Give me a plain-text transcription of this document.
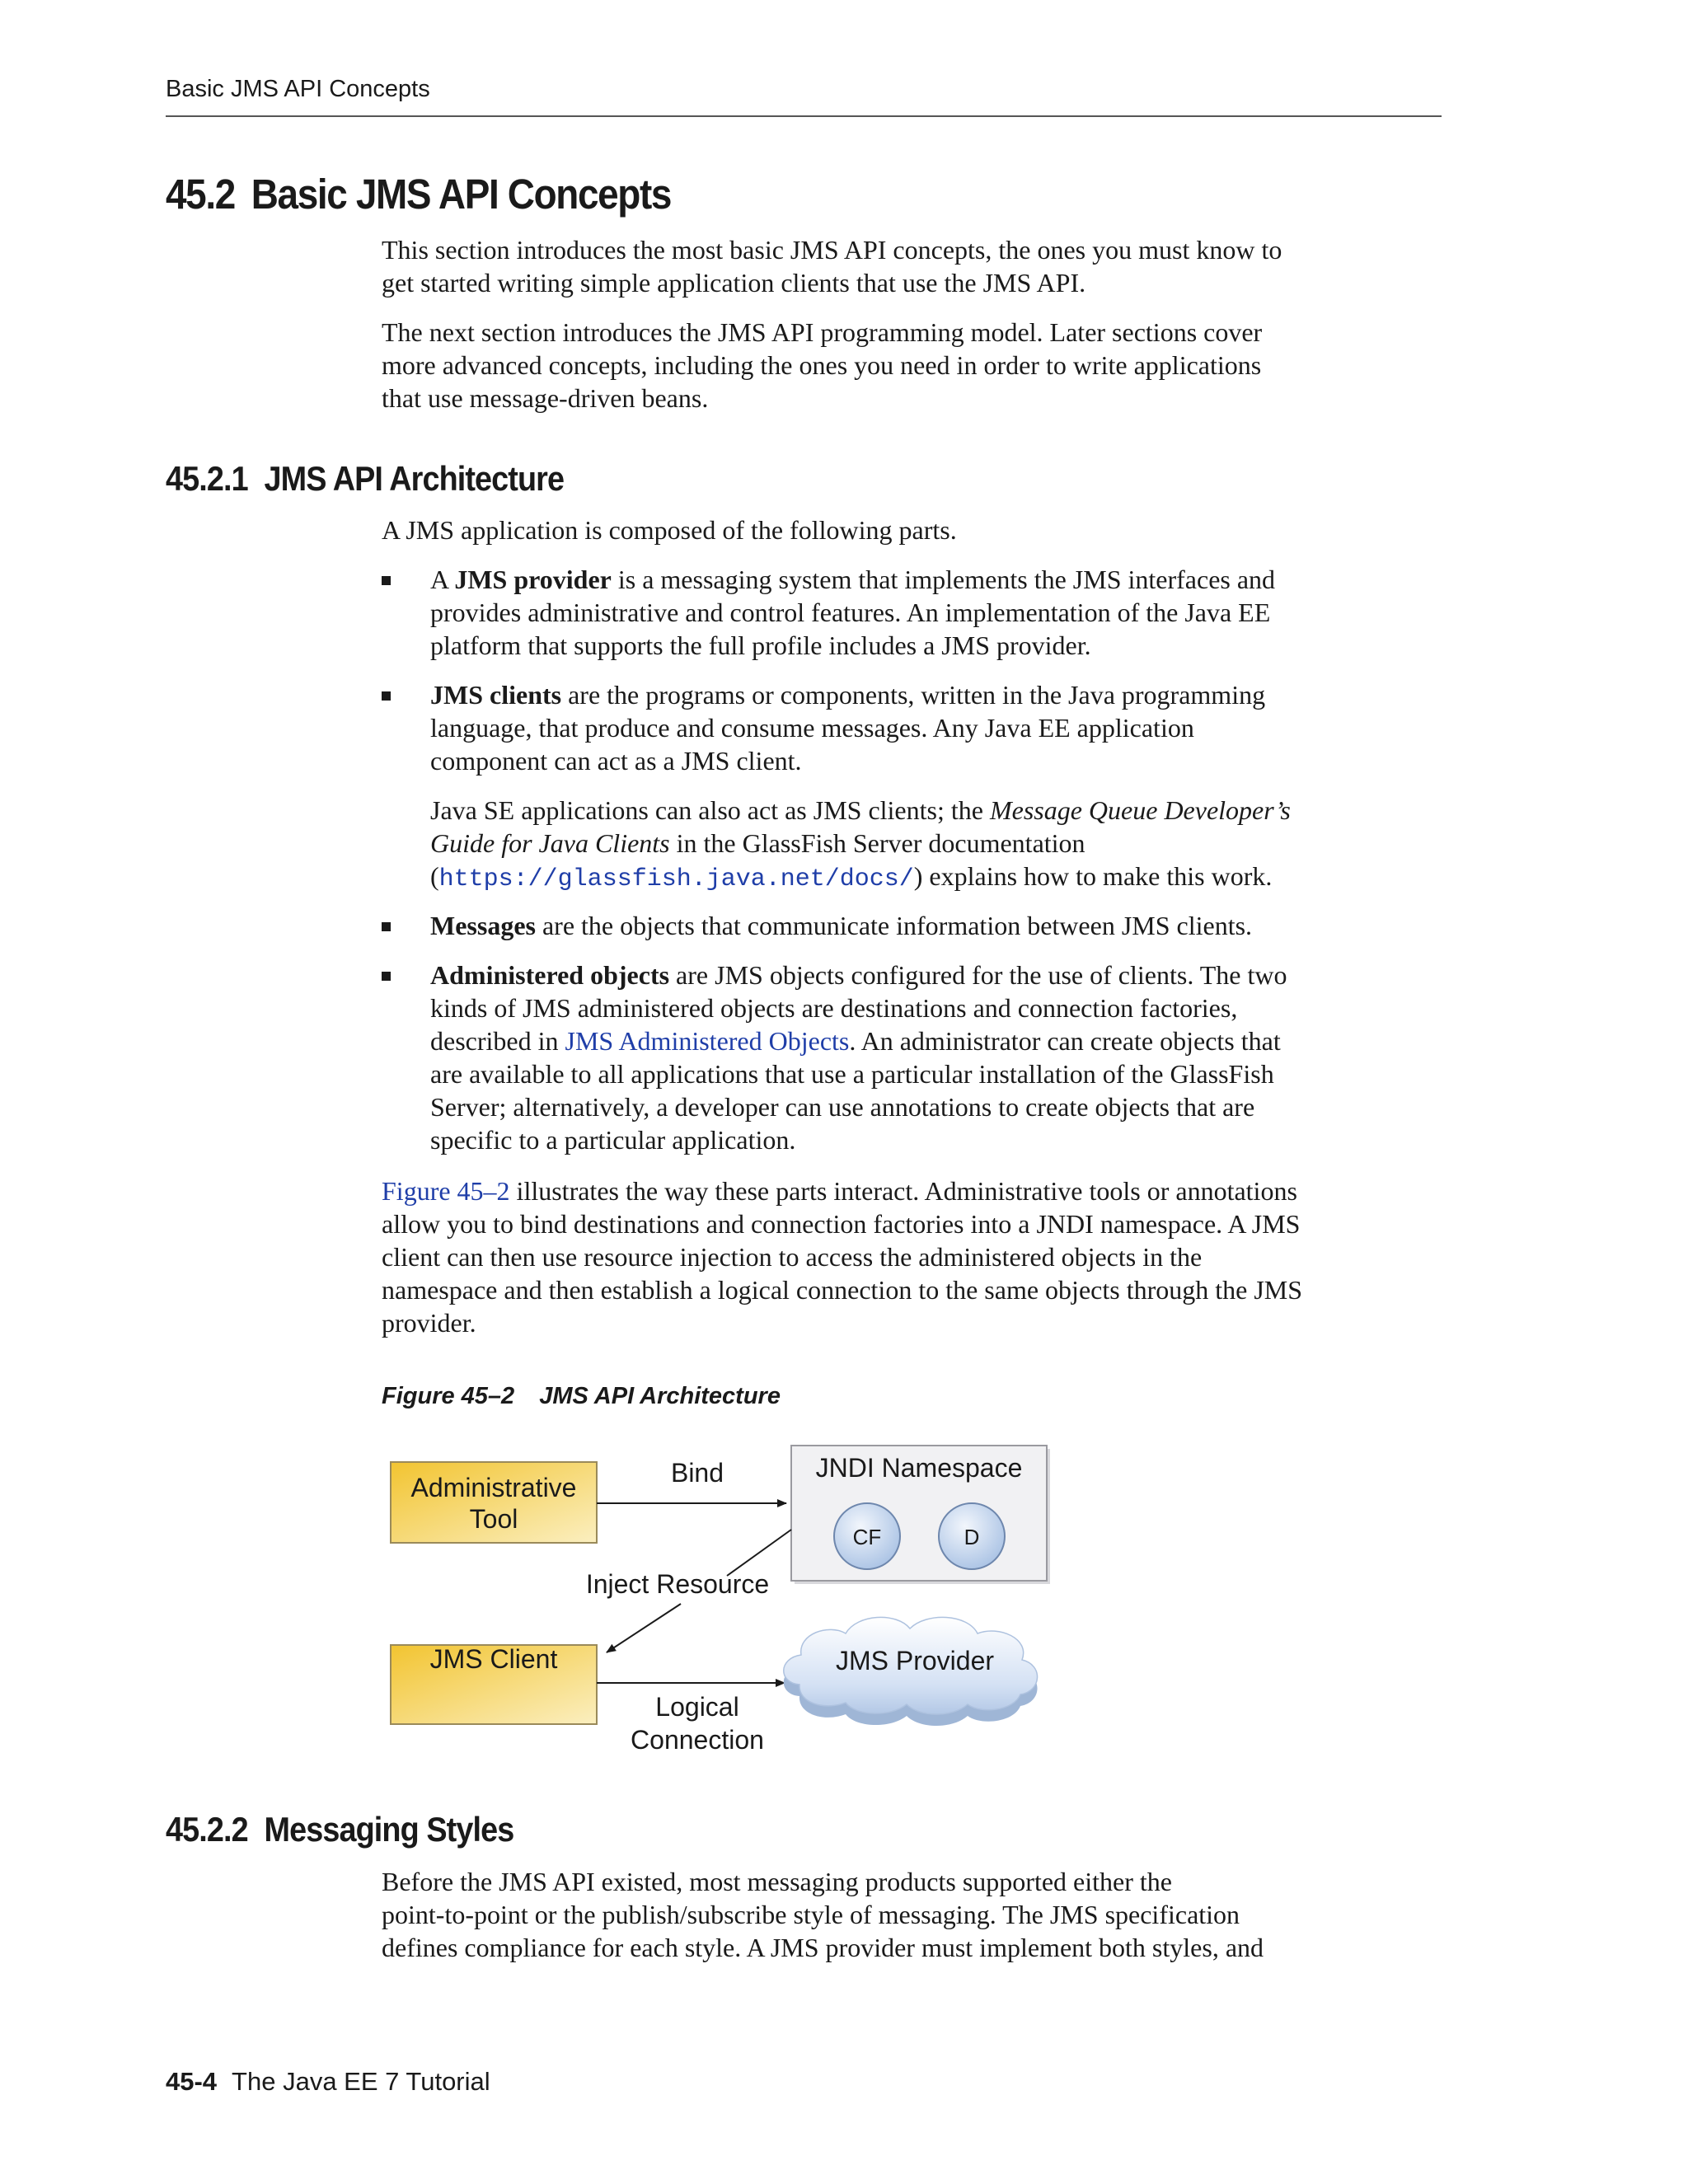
Basic JMS API Concepts
45.2 Basic JMS API Concepts

This section introduces the most basic JMS API concepts, the ones you must know to
get started writing simple application clients that use the JMS API.

The next section introduces the JMS API programming model. Later sections cover
more advanced concepts, including the ones you need in order to write applications
that use message-driven beans.

45.2.1 JMS API Architecture

A JMS application is composed of the following parts.

A JMS provider is a messaging system that implements the JMS interfaces and
provides administrative and control features. An implementation of the Java EE
platform that supports the full profile includes a JMS provider.
JMS clients are the programs or components, written in the Java programming
language, that produce and consume messages. Any Java EE application
component can act as a JMS client.

Java SE applications can also act as JMS clients; the Message Queue Developer’s
Guide for Java Clients in the GlassFish Server documentation
(https://glassfish.java.net/docs/) explains how to make this work.

Messages are the objects that communicate information between JMS clients.
Administered objects are JMS objects configured for the use of clients. The two
kinds of JMS administered objects are destinations and connection factories,
described in JMS Administered Objects. An administrator can create objects that
are available to all applications that use a particular installation of the GlassFish
Server; alternatively, a developer can use annotations to create objects that are
specific to a particular application.

Figure 45–2 illustrates the way these parts interact. Administrative tools or annotations
allow you to bind destinations and connection factories into a JNDI namespace. A JMS
client can then use resource injection to access the administered objects in the
namespace and then establish a logical connection to the same objects through the JMS
provider.

Figure 45–2 JMS API Architecture
Administrative
Tool
Bind	JNDI Namespace
CF	D
Inject Resource
JMS Client
Logical
Connection
JMS Provider
45.2.2 Messaging Styles

Before the JMS API existed, most messaging products supported either the
point-to-point or the publish/subscribe style of messaging. The JMS specification
defines compliance for each style. A JMS provider must implement both styles, and

45-4 The Java EE 7 Tutorial
